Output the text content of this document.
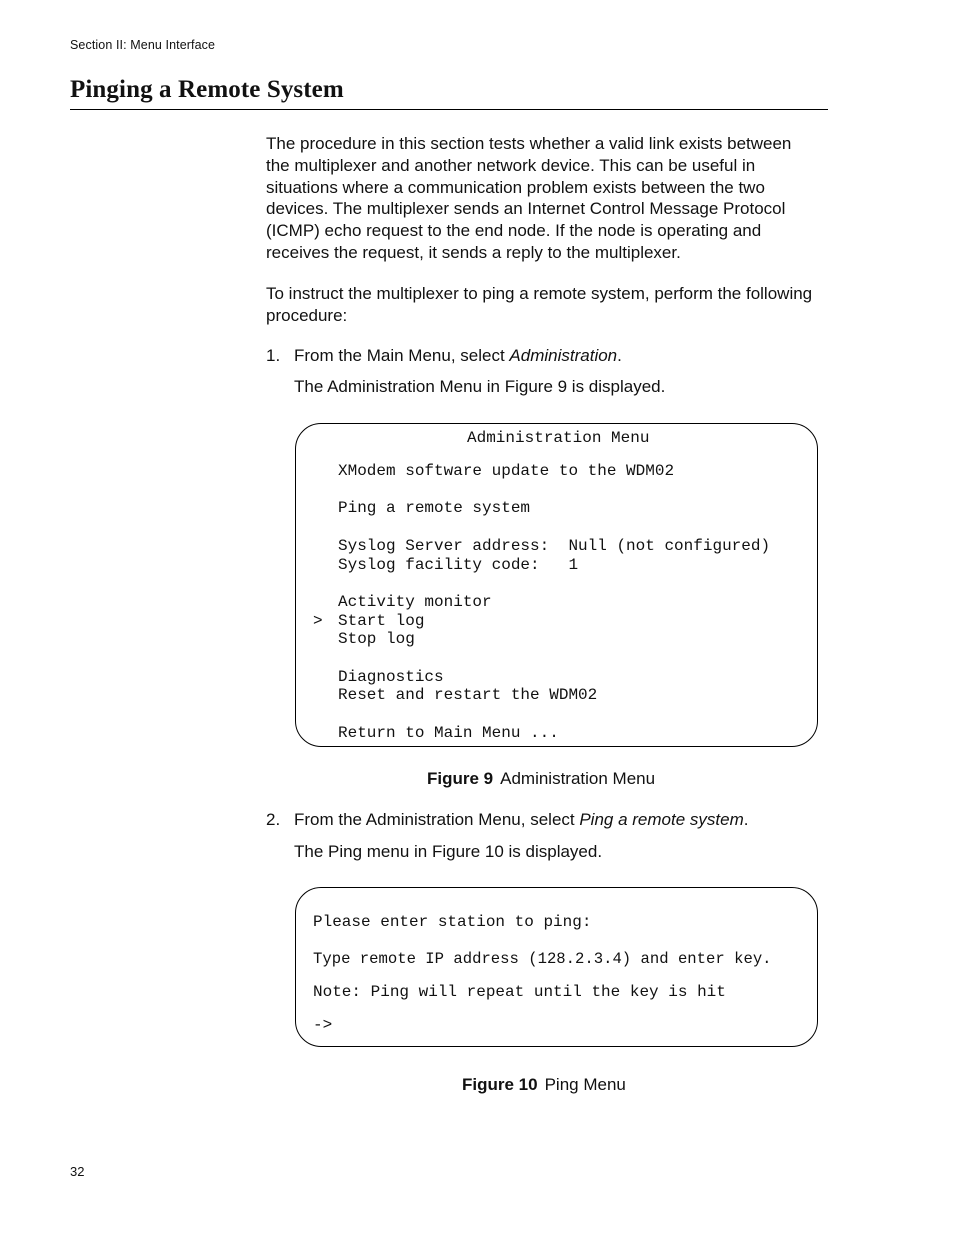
Section II: Menu Interface
Pinging a Remote System

The procedure in this section tests whether a valid link exists between the multiplexer and another network device. This can be useful in situations where a communication problem exists between the two devices. The multiplexer sends an Internet Control Message Protocol (ICMP) echo request to the end node. If the node is operating and receives the request, it sends a reply to the multiplexer.

To instruct the multiplexer to ping a remote system, perform the following procedure:

1. From the Main Menu, select Administration.
The Administration Menu in Figure 9 is displayed.
Administration Menu
XModem software update to the WDM02
Ping a remote system
Syslog Server address: Null (not configured)
Syslog facility code: 1
Activity monitor
> Start log
Stop log
Diagnostics
Reset and restart the WDM02
Return to Main Menu ...
Figure 9 Administration Menu
2. From the Administration Menu, select Ping a remote system.
The Ping menu in Figure 10 is displayed.
Please enter station to ping:
Type remote IP address (128.2.3.4) and enter key.
Note: Ping will repeat until the key is hit
->
Figure 10 Ping Menu
32
